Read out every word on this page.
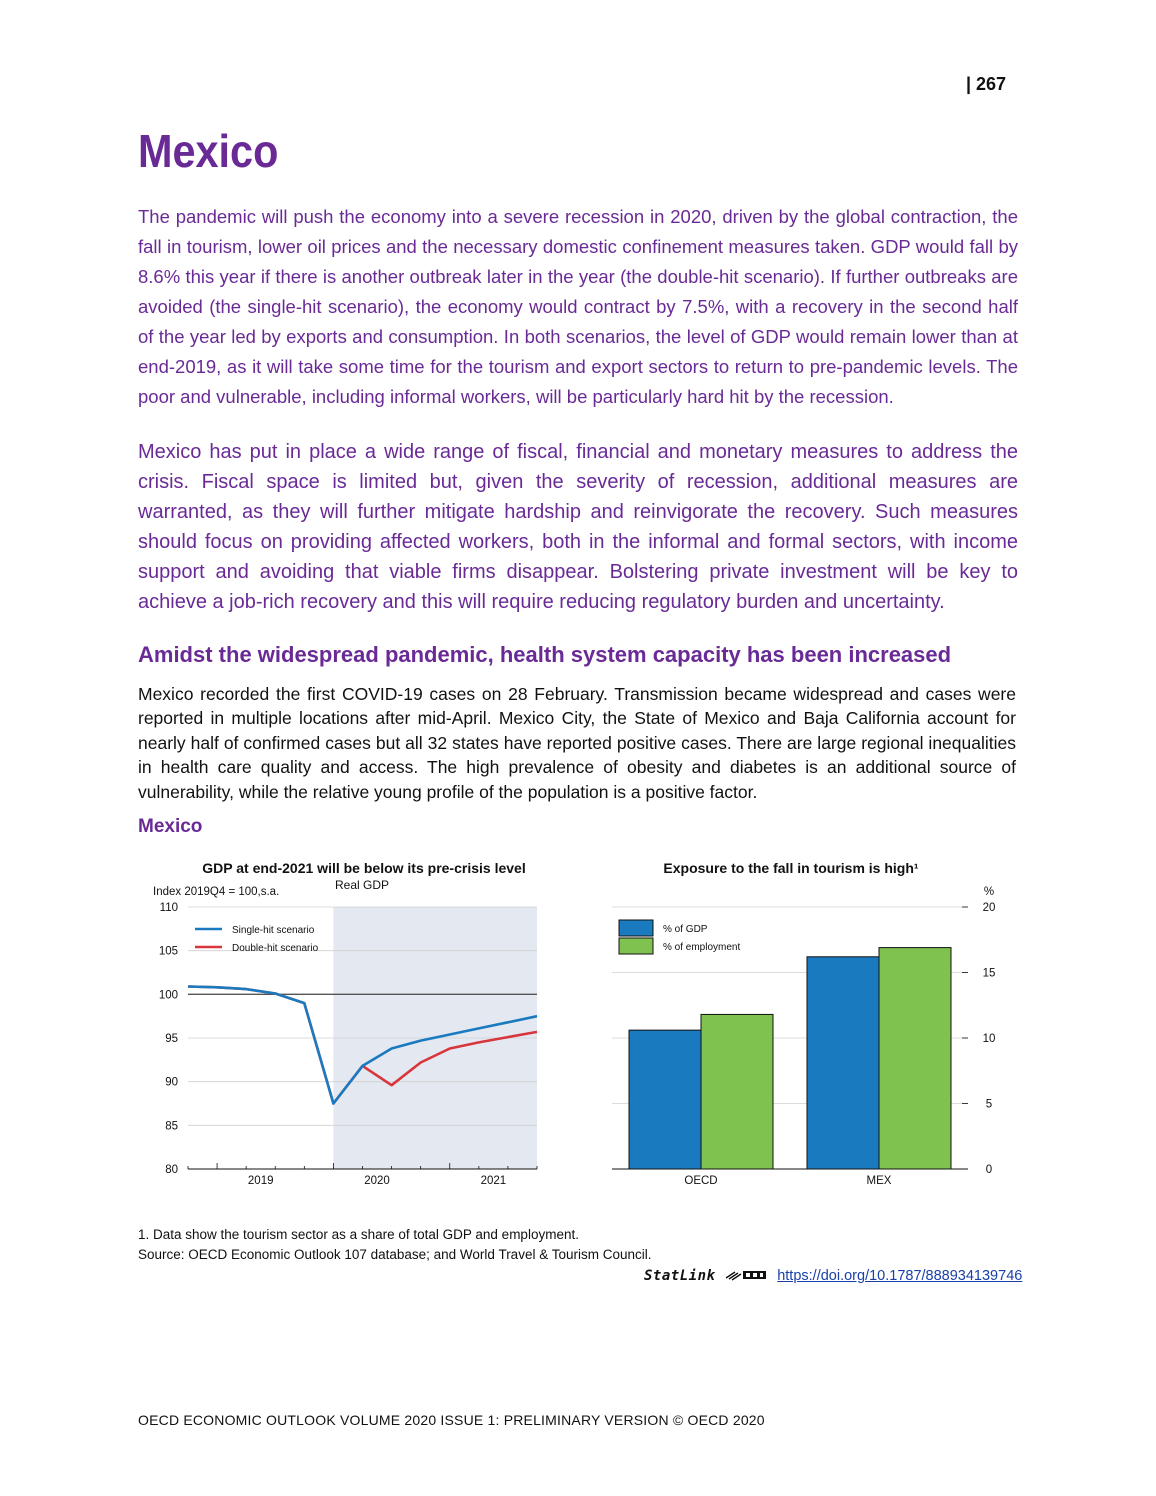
| 267
Mexico

The pandemic will push the economy into a severe recession in 2020, driven by the global contraction, the fall in tourism, lower oil prices and the necessary domestic confinement measures taken. GDP would fall by 8.6% this year if there is another outbreak later in the year (the double-hit scenario). If further outbreaks are avoided (the single-hit scenario), the economy would contract by 7.5%, with a recovery in the second half of the year led by exports and consumption. In both scenarios, the level of GDP would remain lower than at end-2019, as it will take some time for the tourism and export sectors to return to pre-pandemic levels. The poor and vulnerable, including informal workers, will be particularly hard hit by the recession.

Mexico has put in place a wide range of fiscal, financial and monetary measures to address the crisis. Fiscal space is limited but, given the severity of recession, additional measures are warranted, as they will further mitigate hardship and reinvigorate the recovery. Such measures should focus on providing affected workers, both in the informal and formal sectors, with income support and avoiding that viable firms disappear. Bolstering private investment will be key to achieve a job-rich recovery and this will require reducing regulatory burden and uncertainty.

Amidst the widespread pandemic, health system capacity has been increased

Mexico recorded the first COVID-19 cases on 28 February. Transmission became widespread and cases were reported in multiple locations after mid-April. Mexico City, the State of Mexico and Baja California account for nearly half of confirmed cases but all 32 states have reported positive cases. There are large regional inequalities in health care quality and access. The high prevalence of obesity and diabetes is an additional source of vulnerability, while the relative young profile of the population is a positive factor.

Mexico
GDP at end-2021 will be below its pre-crisis level
Real GDP
Index 2019Q4 = 100,s.a.
80
85
90
95
100
105
110
2019	2020	2021
Single-hit scenario
Double-hit scenario
Exposure to the fall in tourism is high¹
%
0
5
10
15
20
OECD	MEX
% of GDP
% of employment

1. Data show the tourism sector as a share of total GDP and employment.

Source: OECD Economic Outlook 107 database; and World Travel & Tourism Council.

StatLink	https://doi.org/10.1787/888934139746

OECD ECONOMIC OUTLOOK VOLUME 2020 ISSUE 1: PRELIMINARY VERSION © OECD 2020
